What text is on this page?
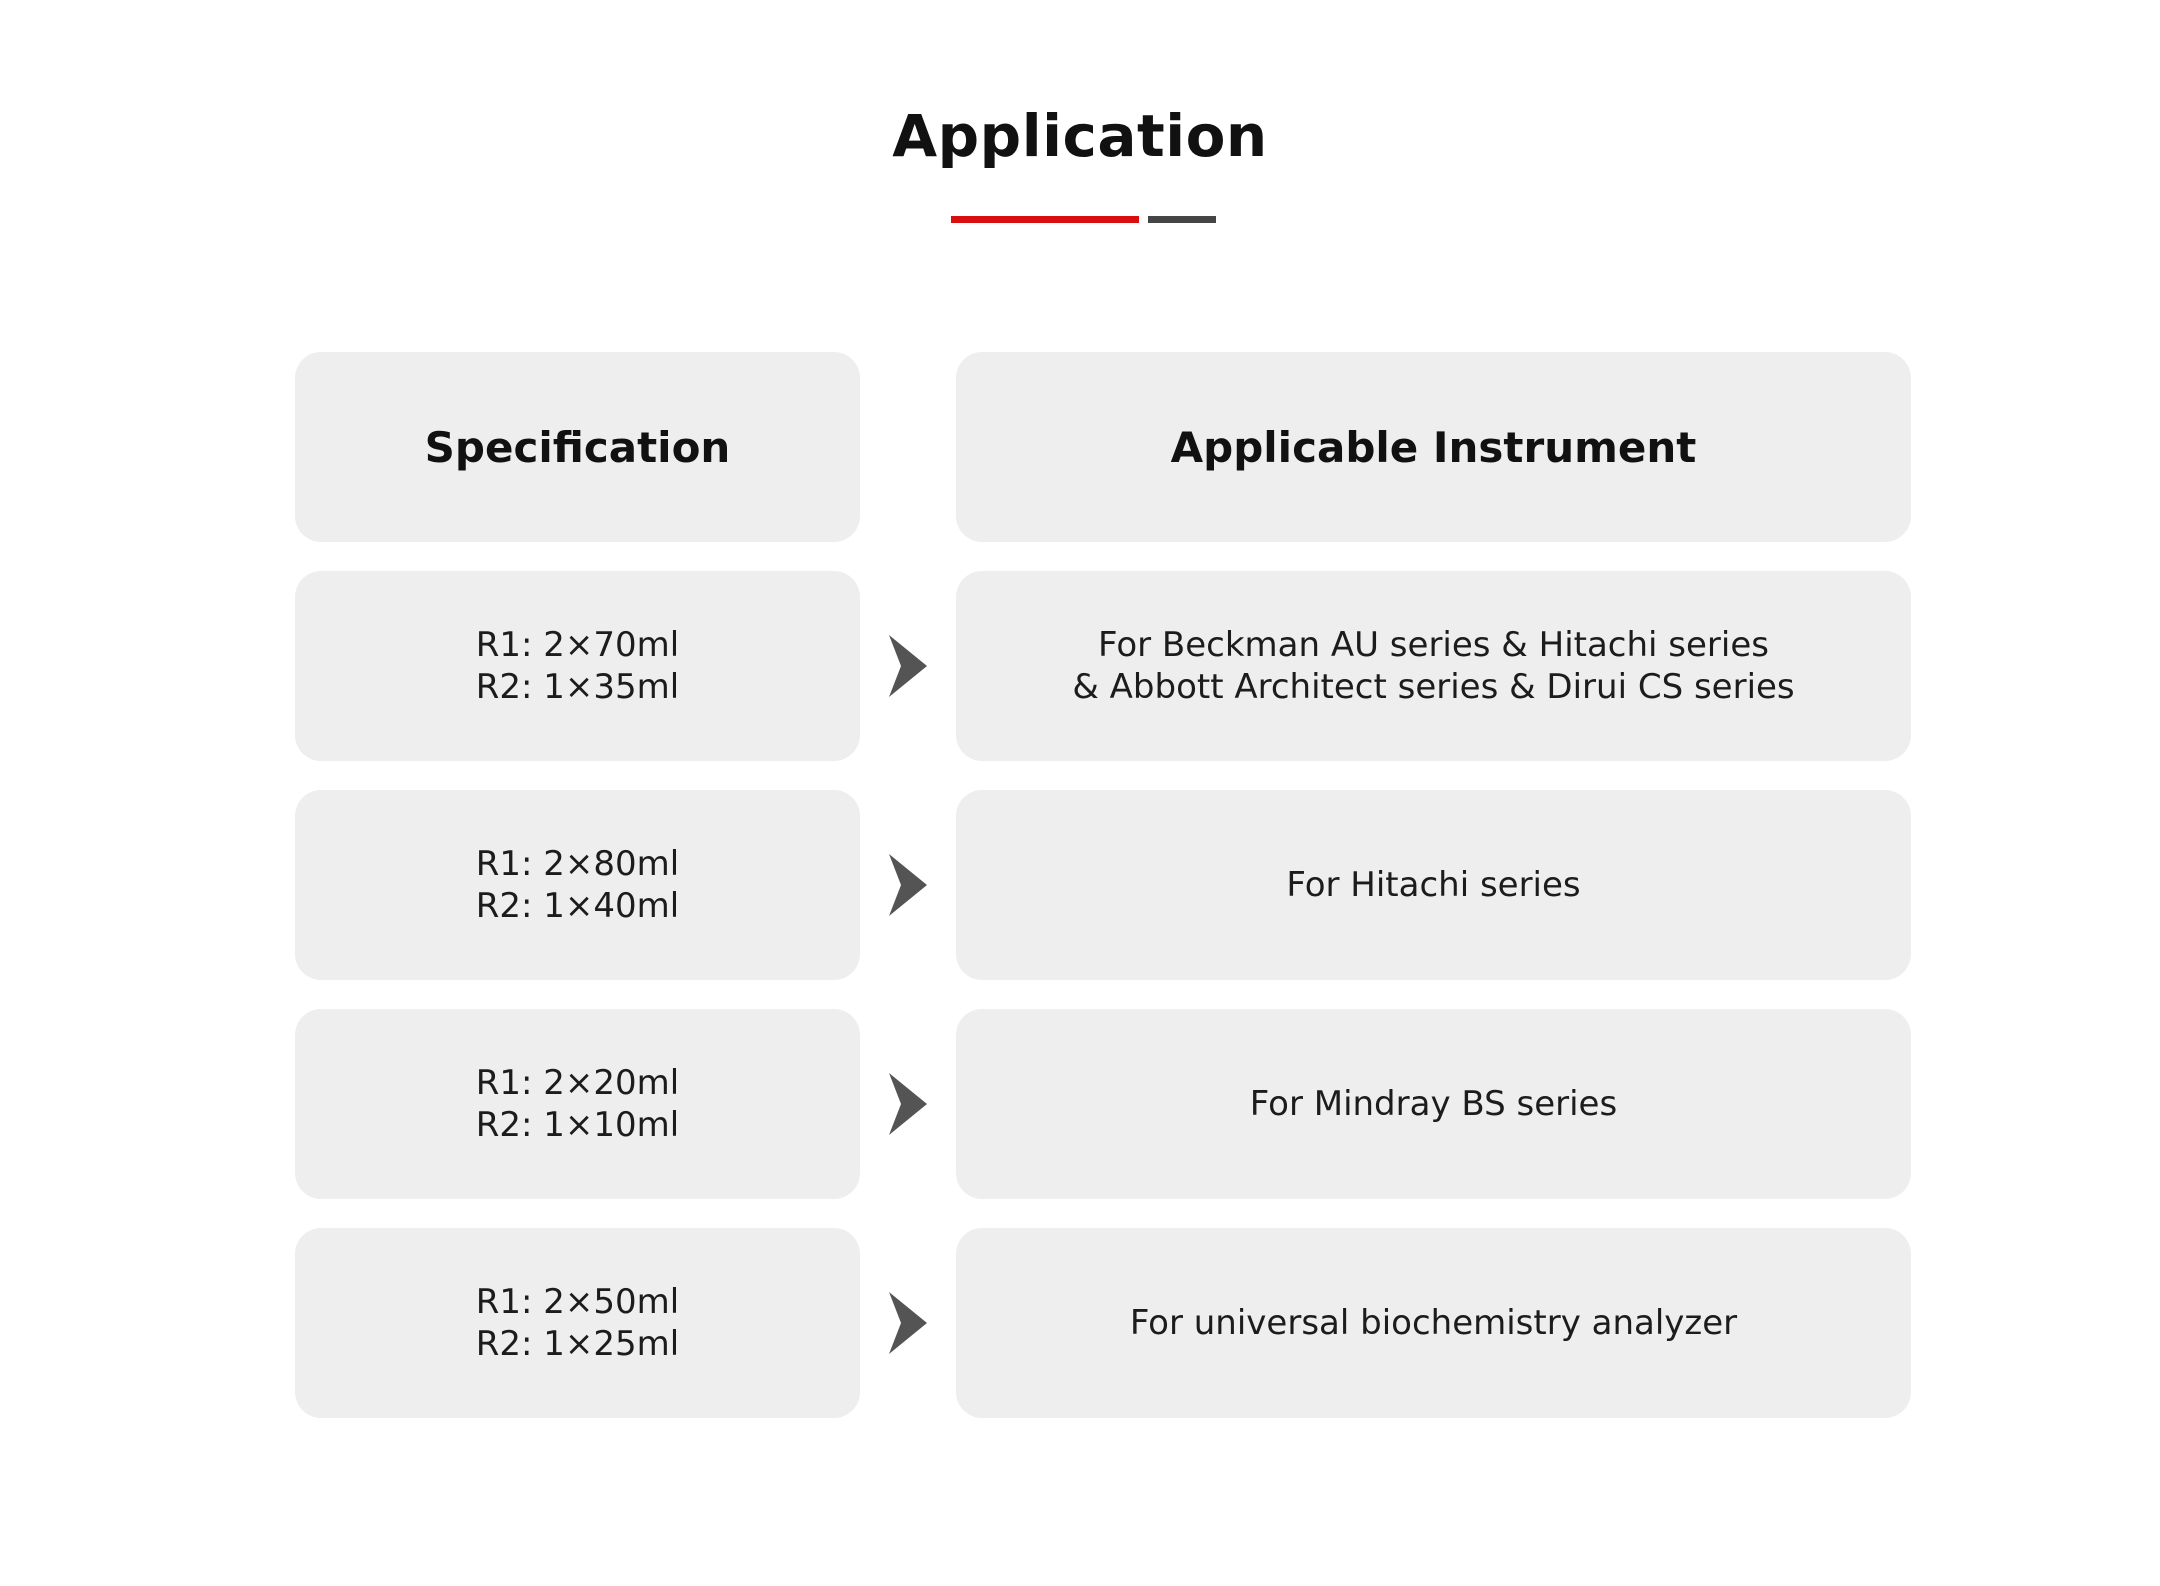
Application
Specification	Applicable Instrument
R1: 2×70ml
R2: 1×35ml
For Beckman AU series & Hitachi series
& Abbott Architect series & Dirui CS series
R1: 2×80ml
R2: 1×40ml
For Hitachi series
R1: 2×20ml
R2: 1×10ml
For Mindray BS series
R1: 2×50ml
R2: 1×25ml
For universal biochemistry analyzer
